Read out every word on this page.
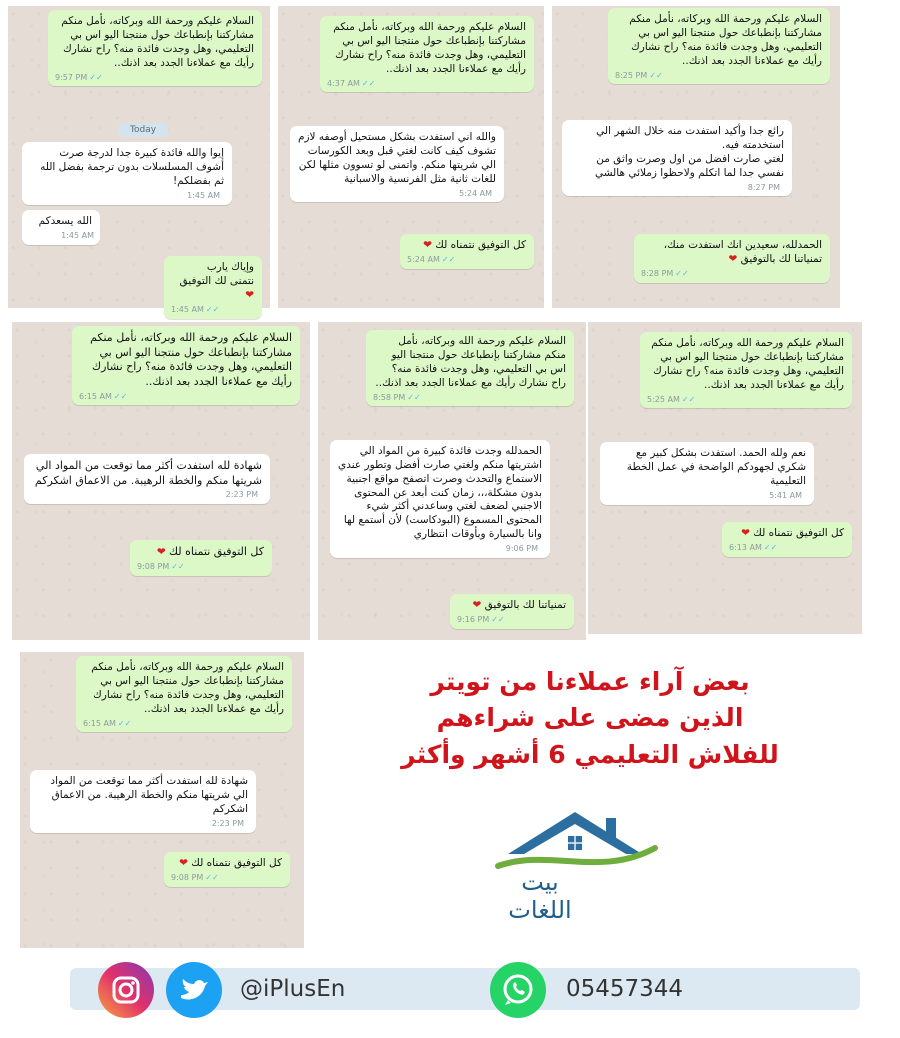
السلام عليكم ورحمة الله وبركاته، نأمل منكم مشاركتنا بإنطباعك حول منتجنا اليو اس بي التعليمي، وهل وجدت فائدة منه؟ راح نشارك رأيك مع عملاءنا الجدد بعد اذنك..
9:57 PM ✓✓
Today
إيوا والله فائدة كبيرة جدا لدرجة صرت أشوف المسلسلات بدون ترجمة بفضل الله ثم بفضلكم!
1:45 AM
الله يسعدكم
1:45 AM
وإياك يارب
نتمنى لك التوفيق ❤
1:45 AM ✓✓
السلام عليكم ورحمة الله وبركاته، نأمل منكم مشاركتنا بإنطباعك حول منتجنا اليو اس بي التعليمي، وهل وجدت فائدة منه؟ راح نشارك رأيك مع عملاءنا الجدد بعد اذنك..
4:37 AM ✓✓
والله اني استفدت بشكل مستحيل أوصفه لازم تشوف كيف كانت لغتي قبل وبعد الكورسات الي شريتها منكم. واتمنى لو تسوون مثلها لكن للغات ثانية مثل الفرنسية والاسبانية
5:24 AM
كل التوفيق نتمناه لك ❤
5:24 AM ✓✓
السلام عليكم ورحمة الله وبركاته، نأمل منكم مشاركتنا بإنطباعك حول منتجنا اليو اس بي التعليمي، وهل وجدت فائدة منه؟ راح نشارك رأيك مع عملاءنا الجدد بعد اذنك..
8:25 PM ✓✓
رائع جدا وأكيد استفدت منه خلال الشهر الي استخدمته فيه.
لغتي صارت افضل من اول وصرت واثق من نفسي جدا لما اتكلم ولاحظوا زملائي هالشي
8:27 PM
الحمدلله، سعيدين انك استفدت منك، تمنياتنا لك بالتوفيق ❤
8:28 PM ✓✓
السلام عليكم ورحمة الله وبركاته، نأمل منكم مشاركتنا بإنطباعك حول منتجنا اليو اس بي التعليمي، وهل وجدت فائدة منه؟ راح نشارك رأيك مع عملاءنا الجدد بعد اذنك..
6:15 AM ✓✓
شهادة لله استفدت أكثر مما توقعت من المواد الي شريتها منكم والخطة الرهيبة. من الاعماق اشكركم
2:23 PM
كل التوفيق نتمناه لك ❤
9:08 PM ✓✓
السلام عليكم ورحمة الله وبركاته، نأمل منكم مشاركتنا بإنطباعك حول منتجنا اليو اس بي التعليمي، وهل وجدت فائدة منه؟ راح نشارك رأيك مع عملاءنا الجدد بعد اذنك..
8:58 PM ✓✓
الحمدلله وجدت فائدة كبيرة من المواد الي اشتريتها منكم ولغتي صارت أفضل وتطور عندي الاستماع والتحدث وصرت اتصفح مواقع اجنبية بدون مشكلة،،، زمان كنت أبعد عن المحتوى الاجنبي لضعف لغتي وساعدني أكثر شيء المحتوى المسموع (البودكاست) لأن أستمع لها وانا بالسيارة وبأوقات انتظاري
9:06 PM
تمنياتنا لك بالتوفيق ❤
9:16 PM ✓✓
السلام عليكم ورحمة الله وبركاته، نأمل منكم مشاركتنا بإنطباعك حول منتجنا اليو اس بي التعليمي، وهل وجدت فائدة منه؟ راح نشارك رأيك مع عملاءنا الجدد بعد اذنك..
5:25 AM ✓✓
نعم ولله الحمد. استفدت بشكل كبير مع شكري لجهودكم الواضحة في عمل الخطة التعليمية
5:41 AM
كل التوفيق نتمناه لك ❤
6:13 AM ✓✓
السلام عليكم ورحمة الله وبركاته، نأمل منكم مشاركتنا بإنطباعك حول منتجنا اليو اس بي التعليمي، وهل وجدت فائدة منه؟ راح نشارك رأيك مع عملاءنا الجدد بعد اذنك..
6:15 AM ✓✓
شهادة لله استفدت أكثر مما توقعت من المواد الي شريتها منكم والخطة الرهيبة. من الاعماق اشكركم
2:23 PM
كل التوفيق نتمناه لك ❤
9:08 PM ✓✓
بعض آراء عملاءنا من تويتر
الذين مضى على شراءهم
للفلاش التعليمي 6 أشهر وأكثر
بيت اللغات
@iPlusEn	05457344
